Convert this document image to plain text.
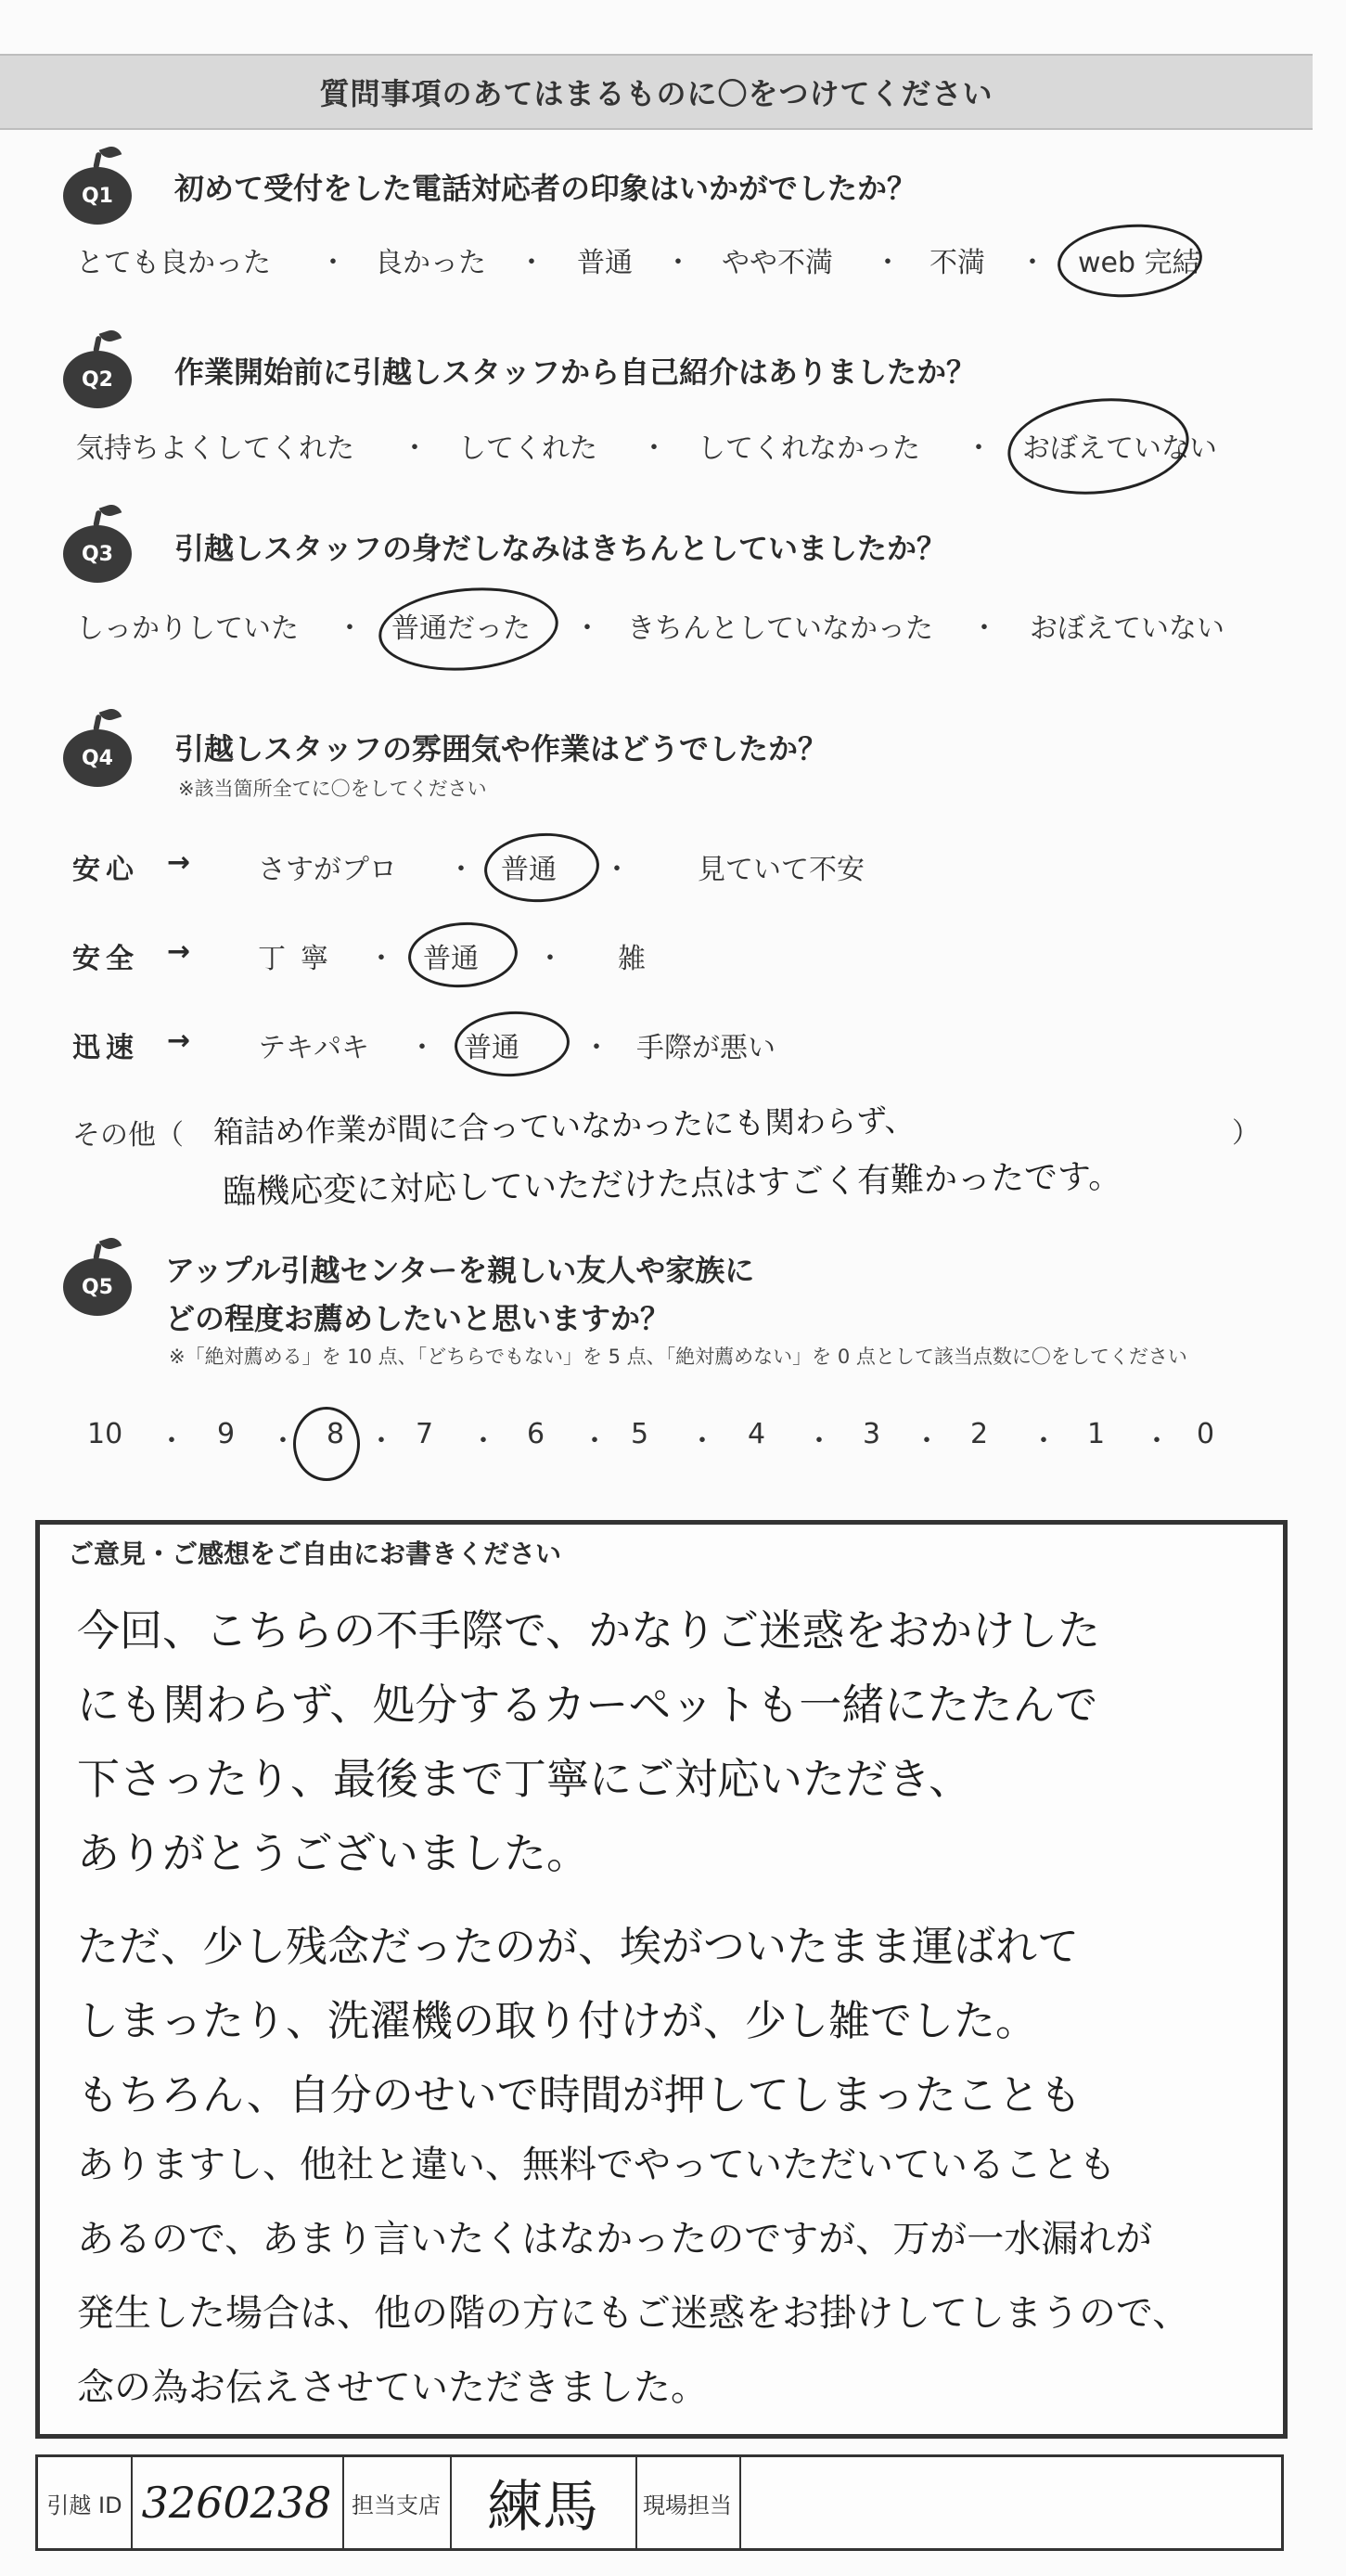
質問事項のあてはまるものに〇をつけてください
Q1 初めて受付をした電話対応者の印象はいかがでしたか？
とても良かった ・ 良かった ・ 普通 ・ やや不満 ・ 不満 ・ web 完結
Q2 作業開始前に引越しスタッフから自己紹介はありましたか？
気持ちよくしてくれた ・ してくれた ・ してくれなかった ・ おぼえていない
Q3 引越しスタッフの身だしなみはきちんとしていましたか？
しっかりしていた ・ 普通だった ・ きちんとしていなかった ・ おぼえていない
Q4 引越しスタッフの雰囲気や作業はどうでしたか？
※該当箇所全てに〇をしてください
安心 → さすがプロ ・ 普通 ・ 見ていて不安
安全 → 丁寧 ・ 普通 ・ 雑
迅速 → テキパキ ・ 普通 ・ 手際が悪い
その他（ 箱詰め作業が間に合っていなかったにも関わらず、	）
臨機応変に対応していただけた点はすごく有難かったです。
Q5 アップル引越センターを親しい友人や家族に
どの程度お薦めしたいと思いますか？
※「絶対薦める」を 10 点、「どちらでもない」を 5 点、「絶対薦めない」を 0 点として該当点数に〇をしてください
10 ・ 9 ・ 8 ・ 7 ・ 6 ・ 5 ・ 4 ・ 3 ・ 2 ・ 1 ・ 0
ご意見・ご感想をご自由にお書きください
今回、こちらの不手際で、かなりご迷惑をおかけした
にも関わらず、処分するカーペットも一緒にたたんで
下さったり、最後まで丁寧にご対応いただき、
ありがとうございました。
ただ、少し残念だったのが、埃がついたまま運ばれて
しまったり、洗濯機の取り付けが、少し雑でした。
もちろん、自分のせいで時間が押してしまったことも
ありますし、他社と違い、無料でやっていただいていることも
あるので、あまり言いたくはなかったのですが、万が一水漏れが
発生した場合は、他の階の方にもご迷惑をお掛けしてしまうので、
念の為お伝えさせていただきました。
引越 ID 3260238 担当支店 練馬	現場担当
